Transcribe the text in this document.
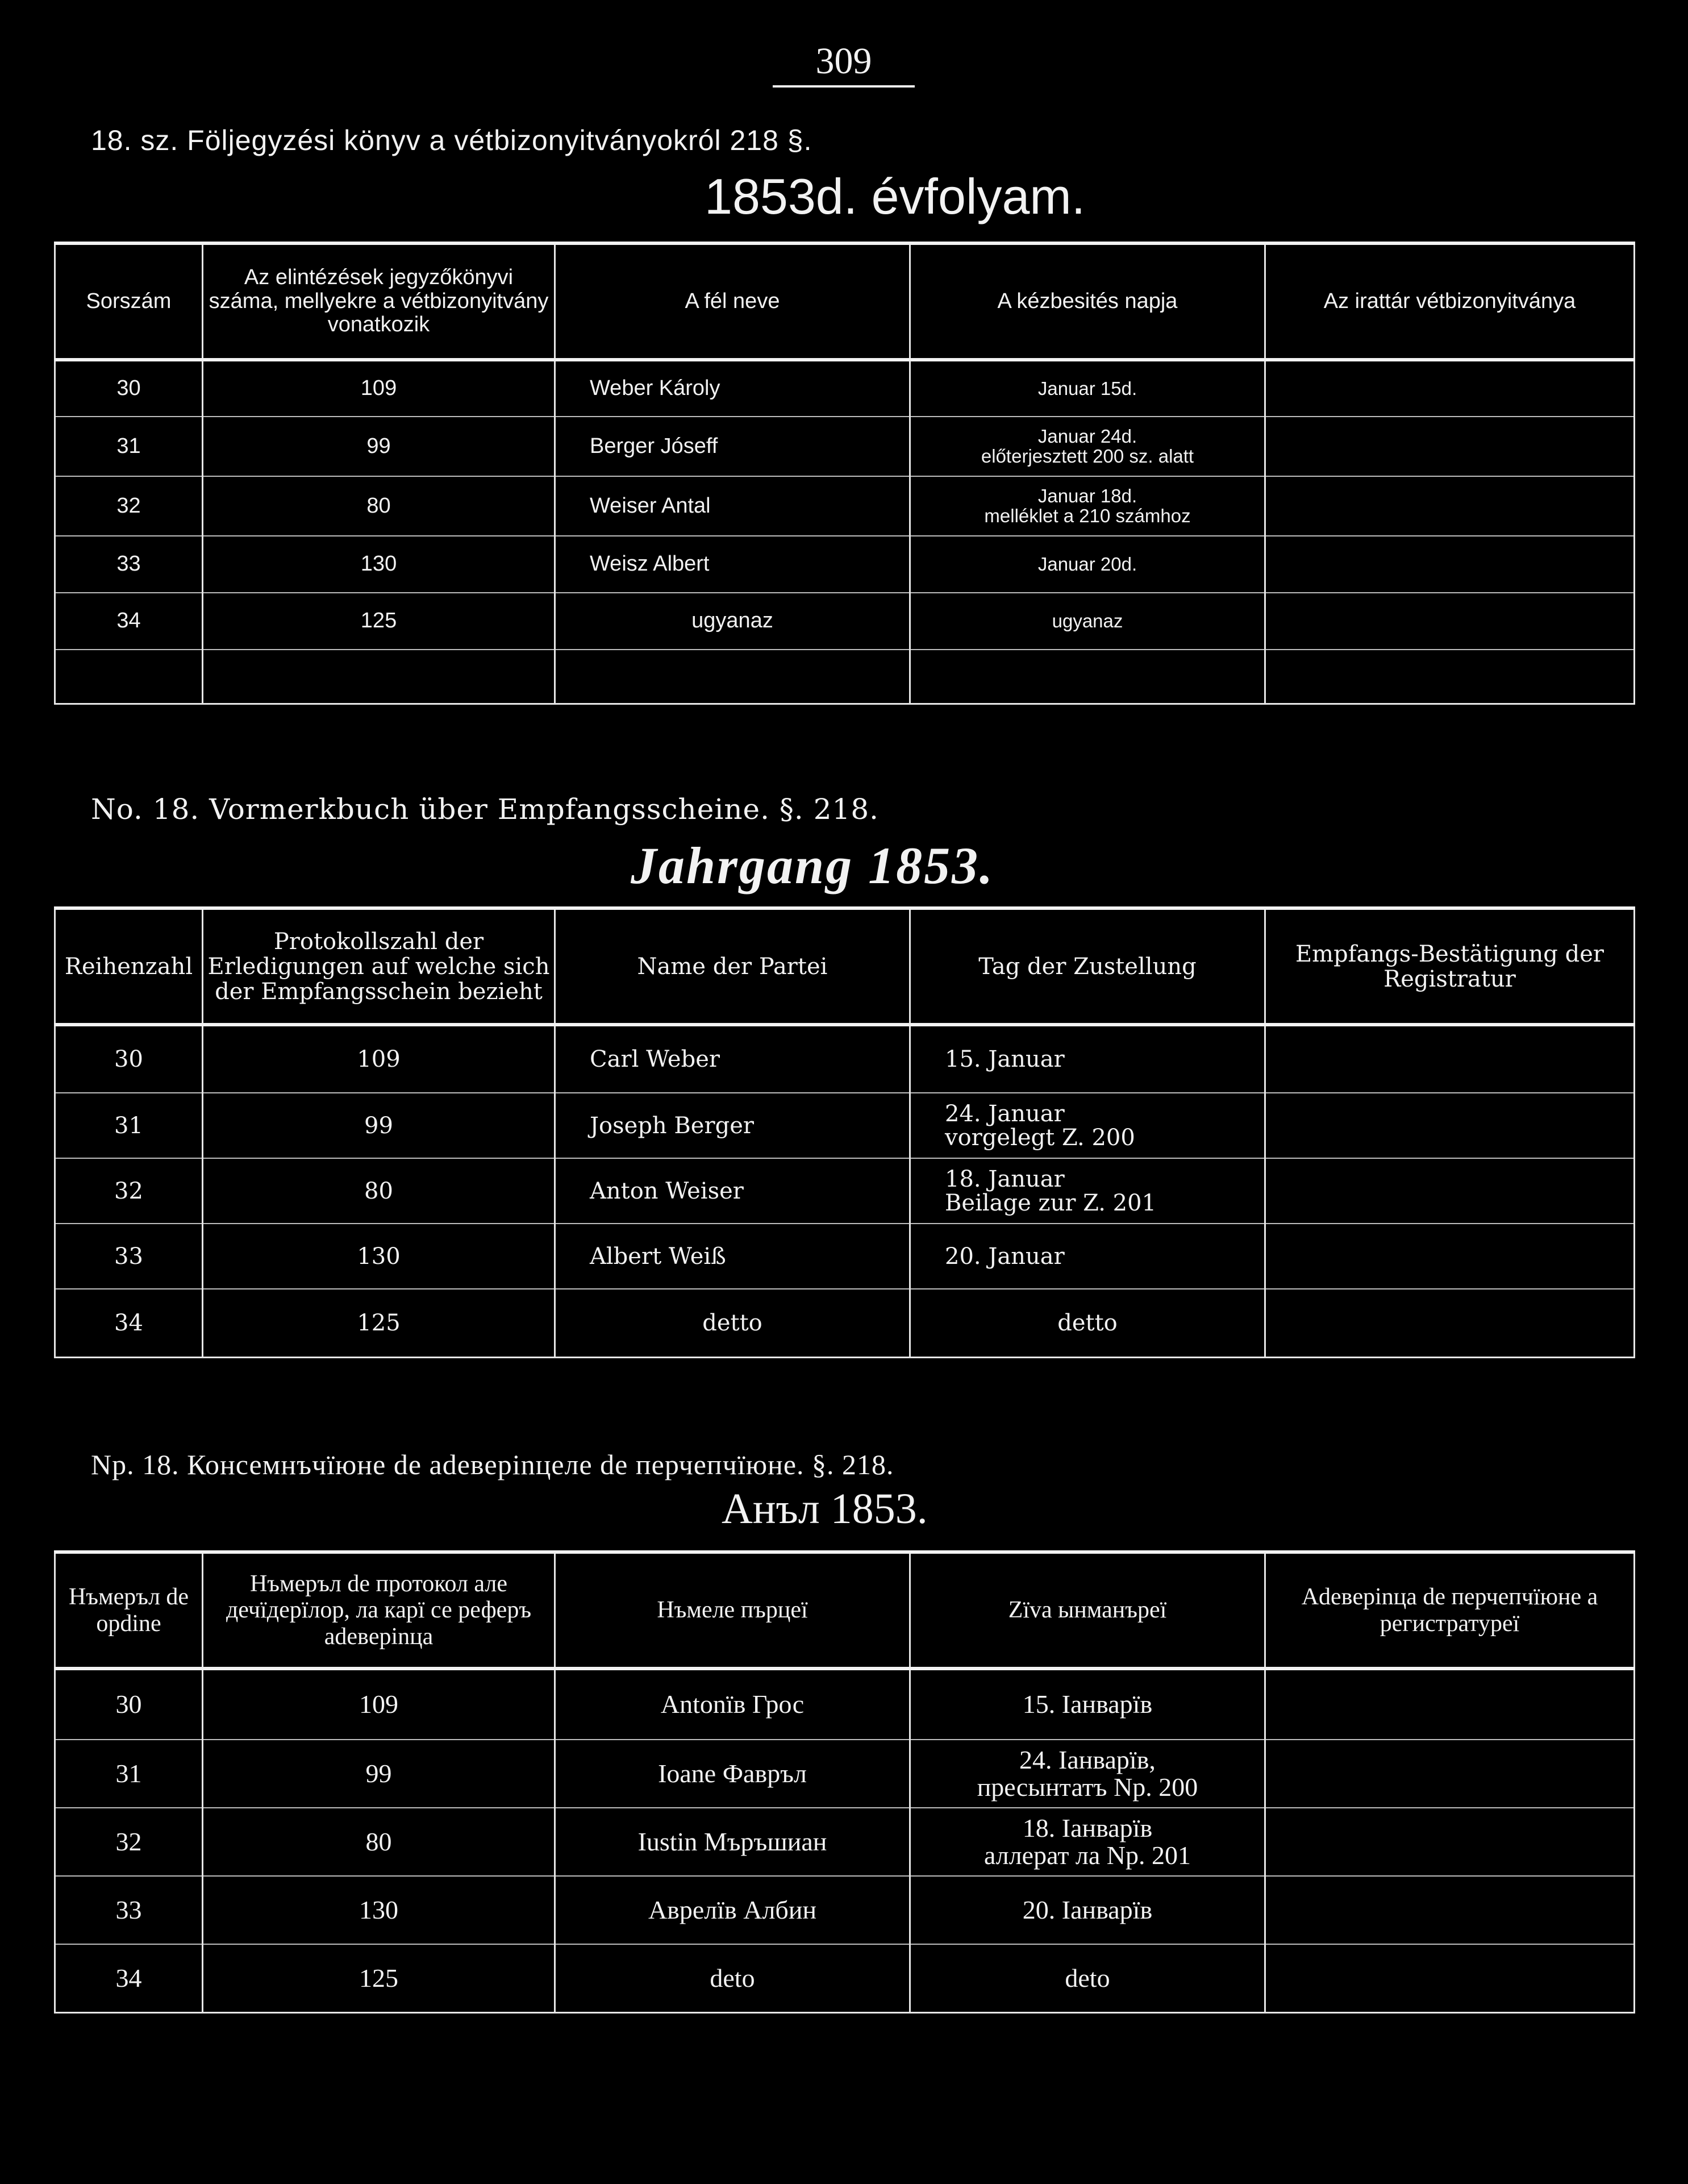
309
18. sz. Följegyzési könyv a vétbizonyitványokról 218 §.
1853d. évfolyam.
Sorszám	Az elintézések jegyzőkönyvi száma, mellyekre a vétbizonyitvány vonatkozik	A fél neve	A kézbesités napja	Az irattár vétbizonyitványa
30	109	Weber Károly	Januar 15d.	

31	99	Berger Jóseff	Januar 24d.
előterjesztett 200 sz. alatt	

32	80	Weiser Antal	Januar 18d.
melléklet a 210 számhoz	

33	130	Weisz Albert	Januar 20d.	

34	125	ugyanaz	ugyanaz	

No. 18. Vormerkbuch über Empfangsscheine. §. 218.
Jahrgang 1853.
Reihenzahl	Protokollszahl der Erledigungen auf welche sich der Empfangsschein bezieht	Name der Partei	Tag der Zustellung	Empfangs-Bestätigung der Registratur
30	109	Carl Weber	15. Januar	

31	99	Joseph Berger	24. Januar
vorgelegt Z. 200	

32	80	Anton Weiser	18. Januar
Beilage zur Z. 201	

33	130	Albert Weiß	20. Januar	

34	125	detto	detto	

Np. 18. Консемнъчїюне de adeвepinцеле de перчепчїюне. §. 218.
Анъл 1853.
Нъмеръл de opdine	Нъмеръл de протокол але дечїдерїлор, ла карї се реферъ adeвepinцa	Нъмеле пърцеї	Zїva ынманъреї	Adeвepinцa de перчепчїюне a регистратуреї
30	109	Antonїв Грос	15. Іанварїв	

31	99	Ioane Фавръл	24. Іанварїв,
пресынтатъ Np. 200	

32	80	Іustin Мъръшиан	18. Іанварїв
аллерат ла Np. 201	

33	130	Аврелїв Албин	20. Іанварїв	

34	125	deto	deto	
